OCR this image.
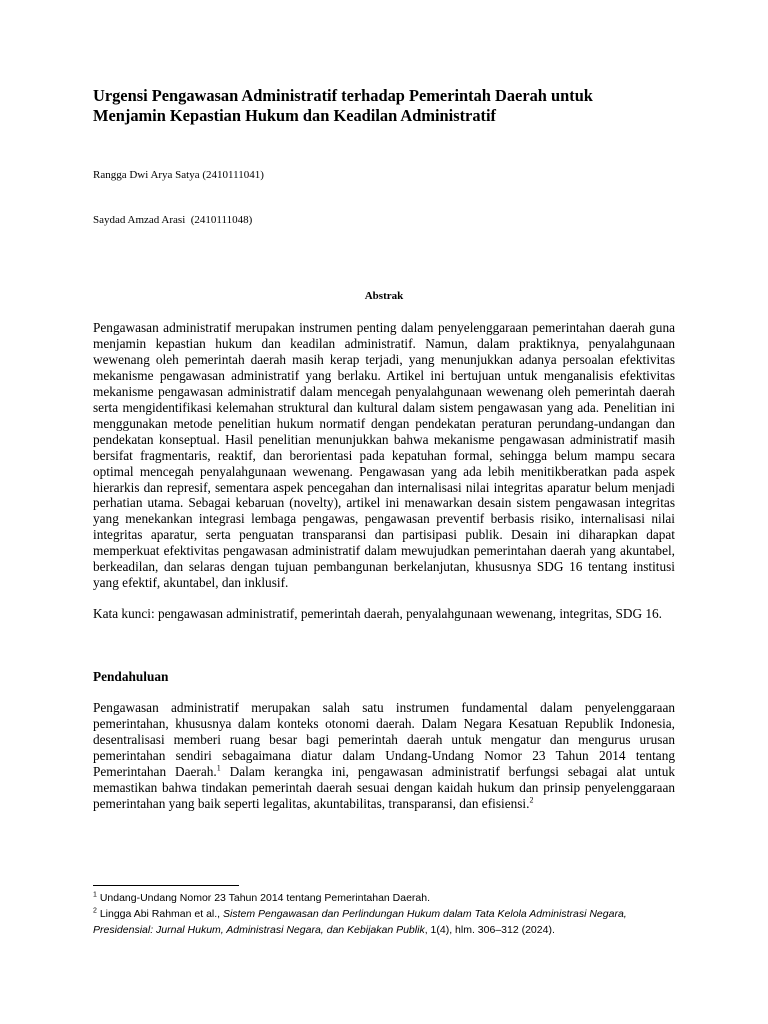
Urgensi Pengawasan Administratif terhadap Pemerintah Daerah untuk
Menjamin Kepastian Hukum dan Keadilan Administratif

Rangga Dwi Arya Satya (2410111041)

Saydad Amzad Arasi  (2410111048)

Abstrak

Pengawasan administratif merupakan instrumen penting dalam penyelenggaraan pemerintahan daerah guna menjamin kepastian hukum dan keadilan administratif. Namun, dalam praktiknya, penyalahgunaan wewenang oleh pemerintah daerah masih kerap terjadi, yang menunjukkan adanya persoalan efektivitas mekanisme pengawasan administratif yang berlaku. Artikel ini bertujuan untuk menganalisis efektivitas mekanisme pengawasan administratif dalam mencegah penyalahgunaan wewenang oleh pemerintah daerah serta mengidentifikasi kelemahan struktural dan kultural dalam sistem pengawasan yang ada. Penelitian ini menggunakan metode penelitian hukum normatif dengan pendekatan peraturan perundang-undangan dan pendekatan konseptual. Hasil penelitian menunjukkan bahwa mekanisme pengawasan administratif masih bersifat fragmentaris, reaktif, dan berorientasi pada kepatuhan formal, sehingga belum mampu secara optimal mencegah penyalahgunaan wewenang. Pengawasan yang ada lebih menitikberatkan pada aspek hierarkis dan represif, sementara aspek pencegahan dan internalisasi nilai integritas aparatur belum menjadi perhatian utama. Sebagai kebaruan (novelty), artikel ini menawarkan desain sistem pengawasan integritas yang menekankan integrasi lembaga pengawas, pengawasan preventif berbasis risiko, internalisasi nilai integritas aparatur, serta penguatan transparansi dan partisipasi publik. Desain ini diharapkan dapat memperkuat efektivitas pengawasan administratif dalam mewujudkan pemerintahan daerah yang akuntabel, berkeadilan, dan selaras dengan tujuan pembangunan berkelanjutan, khususnya SDG 16 tentang institusi yang efektif, akuntabel, dan inklusif.

Kata kunci: pengawasan administratif, pemerintah daerah, penyalahgunaan wewenang, integritas, SDG 16.

Pendahuluan

Pengawasan administratif merupakan salah satu instrumen fundamental dalam penyelenggaraan pemerintahan, khususnya dalam konteks otonomi daerah. Dalam Negara Kesatuan Republik Indonesia, desentralisasi memberi ruang besar bagi pemerintah daerah untuk mengatur dan mengurus urusan pemerintahan sendiri sebagaimana diatur dalam Undang-Undang Nomor 23 Tahun 2014 tentang Pemerintahan Daerah.$^1$ Dalam kerangka ini, pengawasan administratif berfungsi sebagai alat untuk memastikan bahwa tindakan pemerintah daerah sesuai dengan kaidah hukum dan prinsip penyelenggaraan pemerintahan yang baik seperti legalitas, akuntabilitas, transparansi, dan efisiensi.$^2$

$^1$ Undang-Undang Nomor 23 Tahun 2014 tentang Pemerintahan Daerah.
$^2$ Lingga Abi Rahman et al., Sistem Pengawasan dan Perlindungan Hukum dalam Tata Kelola Administrasi Negara, Presidensial: Jurnal Hukum, Administrasi Negara, dan Kebijakan Publik, 1(4), hlm. 306–312 (2024).
